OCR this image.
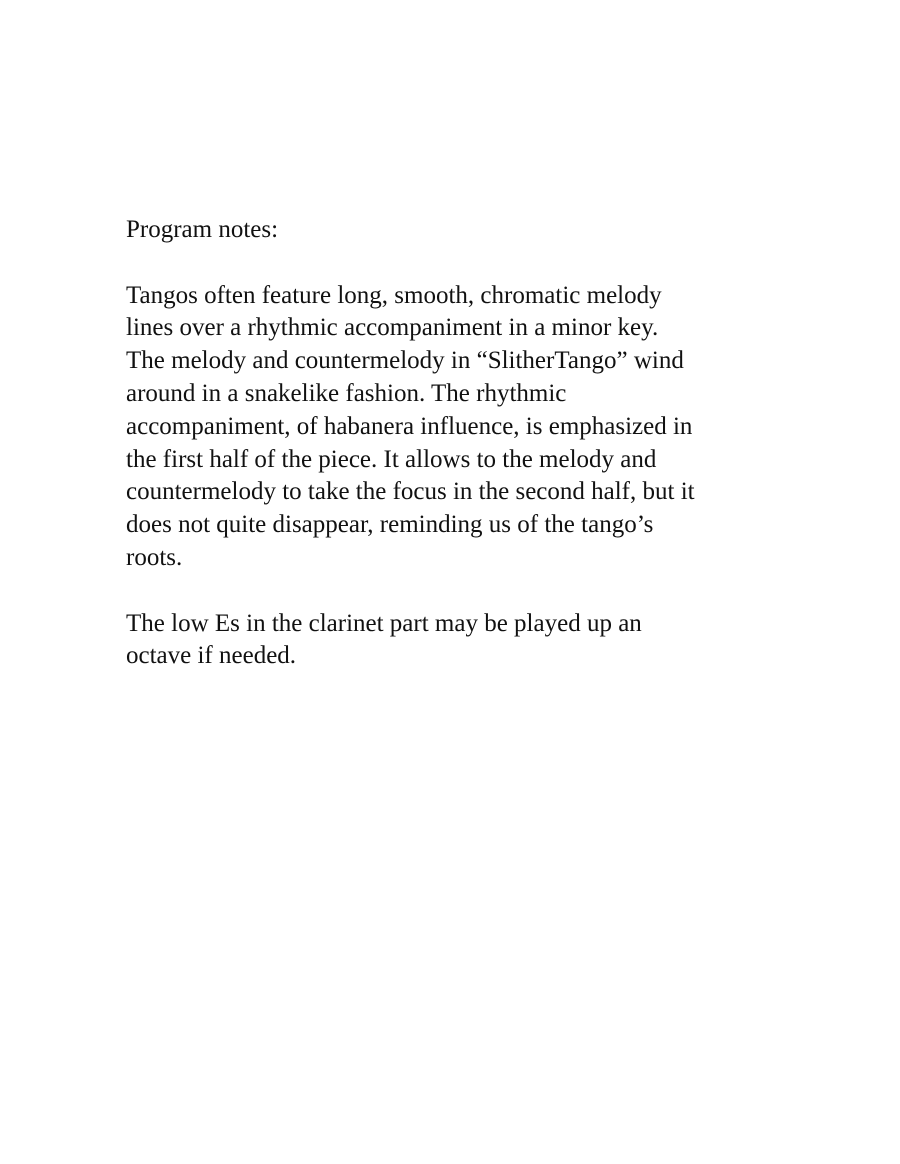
Program notes:

Tangos often feature long, smooth, chromatic melody
lines over a rhythmic accompaniment in a minor key.
The melody and countermelody in “SlitherTango” wind
around in a snakelike fashion. The rhythmic
accompaniment, of habanera influence, is emphasized in
the first half of the piece. It allows to the melody and
countermelody to take the focus in the second half, but it
does not quite disappear, reminding us of the tango’s
roots.

The low Es in the clarinet part may be played up an
octave if needed.
